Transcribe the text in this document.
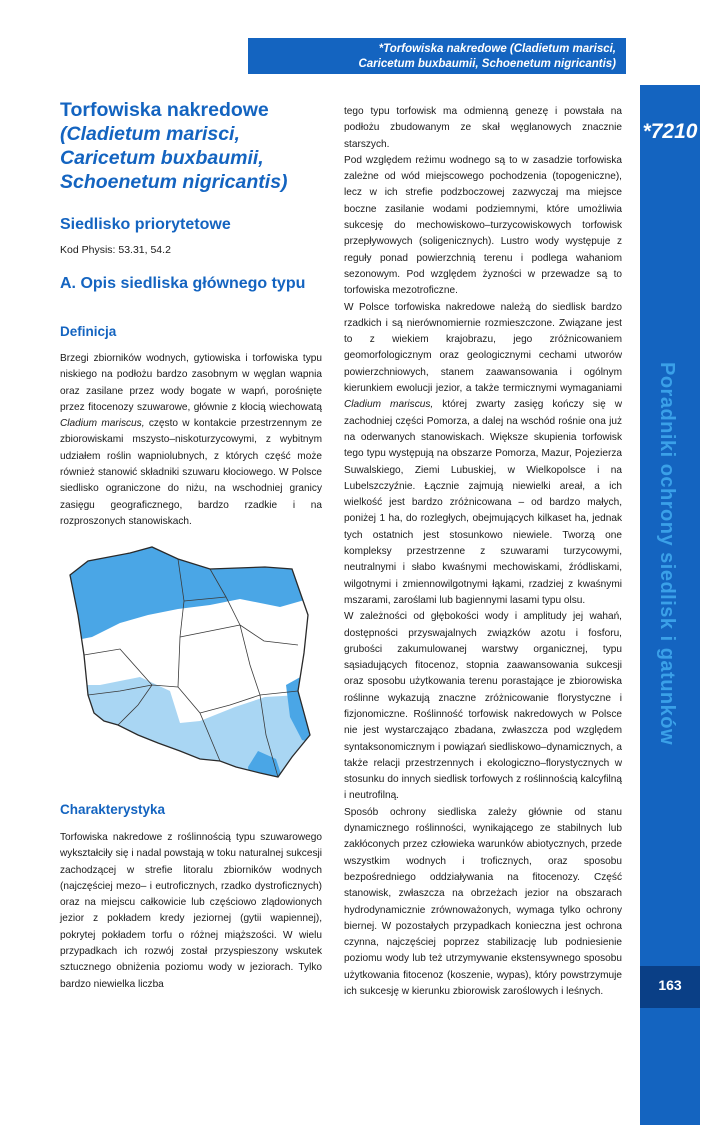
*Torfowiska nakredowe (Cladietum marisci,
Caricetum buxbaumii, Schoenetum nigricantis)
*7210
Poradniki ochrony siedlisk i gatunków
163
Torfowiska nakredowe
(Cladietum marisci,
Caricetum buxbaumii,
Schoenetum nigricantis)
Siedlisko priorytetowe

Kod Physis: 53.31, 54.2

A. Opis siedliska głównego typu
Definicja

Brzegi zbiorników wodnych, gytiowiska i torfowiska typu niskiego na podłożu bardzo zasobnym w węglan wapnia oraz zasilane przez wody bogate w wapń, porośnięte przez fitocenozy szuwarowe, głównie z kłocią wiechowatą Cladium mariscus, często w kontakcie przestrzennym ze zbiorowiskami mszysto–niskoturzycowymi, z wybitnym udziałem roślin wapniolubnych, z których część może również stanowić składniki szuwaru kłociowego. W Polsce siedlisko ograniczone do niżu, na wschodniej granicy zasięgu geograficznego, bardzo rzadkie i na rozproszonych stanowiskach.

Charakterystyka

Torfowiska nakredowe z roślinnością typu szuwarowego wykształciły się i nadal powstają w toku naturalnej sukcesji zachodzącej w strefie litoralu zbiorników wodnych (najczęściej mezo– i eutroficznych, rzadko dystroficznych) oraz na miejscu całkowicie lub częściowo zlądowionych jezior z pokładem kredy jeziornej (gytii wapiennej), pokrytej pokładem torfu o różnej miąższości. W wielu przypadkach ich rozwój został przyspieszony wskutek sztucznego obniżenia poziomu wody w jeziorach. Tylko bardzo niewielka liczba

tego typu torfowisk ma odmienną genezę i powstała na podłożu zbudowanym ze skał węglanowych znacznie starszych.

Pod względem reżimu wodnego są to w zasadzie torfowiska zależne od wód miejscowego pochodzenia (topogeniczne), lecz w ich strefie podzboczowej zazwyczaj ma miejsce boczne zasilanie wodami podziemnymi, które umożliwia sukcesję do mechowiskowo–turzycowiskowych torfowisk przepływowych (soligenicznych). Lustro wody występuje z reguły ponad powierzchnią terenu i podlega wahaniom sezonowym. Pod względem żyzności w przewadze są to torfowiska mezotroficzne.

W Polsce torfowiska nakredowe należą do siedlisk bardzo rzadkich i są nierównomiernie rozmieszczone. Związane jest to z wiekiem krajobrazu, jego zróżnicowaniem geomorfologicznym oraz geologicznymi cechami utworów powierzchniowych, stanem zaawansowania i ogólnym kierunkiem ewolucji jezior, a także termicznymi wymaganiami Cladium mariscus, której zwarty zasięg kończy się w zachodniej części Pomorza, a dalej na wschód rośnie ona już na oderwanych stanowiskach. Większe skupienia torfowisk tego typu występują na obszarze Pomorza, Mazur, Pojezierza Suwalskiego, Ziemi Lubuskiej, w Wielkopolsce i na Lubelszczyźnie. Łącznie zajmują niewielki areał, a ich wielkość jest bardzo zróżnicowana – od bardzo małych, poniżej 1 ha, do rozległych, obejmujących kilkaset ha, jednak tych ostatnich jest stosunkowo niewiele. Tworzą one kompleksy przestrzenne z szuwarami turzycowymi, neutralnymi i słabo kwaśnymi mechowiskami, źródliskami, wilgotnymi i zmiennowilgotnymi łąkami, rzadziej z kwaśnymi mszarami, zaroślami lub bagiennymi lasami typu olsu.

W zależności od głębokości wody i amplitudy jej wahań, dostępności przyswajalnych związków azotu i fosforu, grubości zakumulowanej warstwy organicznej, typu sąsiadujących fitocenoz, stopnia zaawansowania sukcesji oraz sposobu użytkowania terenu porastające je zbiorowiska roślinne wykazują znaczne zróżnicowanie florystyczne i fizjonomiczne. Roślinność torfowisk nakredowych w Polsce nie jest wystarczająco zbadana, zwłaszcza pod względem syntaksonomicznym i powiązań siedliskowo–dynamicznych, a także relacji przestrzennych i ekologiczno–florystycznych w stosunku do innych siedlisk torfowych z roślinnością kalcyfilną i neutrofilną.

Sposób ochrony siedliska zależy głównie od stanu dynamicznego roślinności, wynikającego ze stabilnych lub zakłóconych przez człowieka warunków abiotycznych, przede wszystkim wodnych i troficznych, oraz sposobu bezpośredniego oddziaływania na fitocenozy. Część stanowisk, zwłaszcza na obrzeżach jezior na obszarach hydrodynamicznie zrównoważonych, wymaga tylko ochrony biernej. W pozostałych przypadkach konieczna jest ochrona czynna, najczęściej poprzez stabilizację lub podniesienie poziomu wody lub też utrzymywanie ekstensywnego sposobu użytkowania fitocenoz (koszenie, wypas), który powstrzymuje ich sukcesję w kierunku zbiorowisk zaroślowych i leśnych.
